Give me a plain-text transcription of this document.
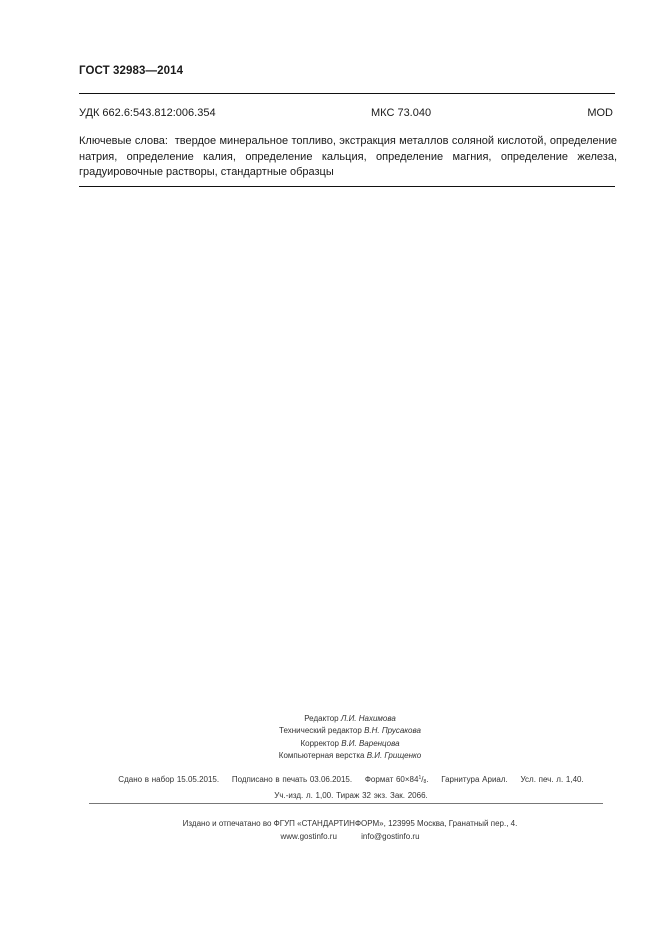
ГОСТ 32983—2014
УДК 662.6:543.812:006.354	МКС 73.040	MOD
Ключевые слова: твердое минеральное топливо, экстракция металлов соляной кислотой, определение натрия, определение калия, определение кальция, определение магния, определение железа, градуировочные растворы, стандартные образцы
Редактор Л.И. Нахимова
Технический редактор В.Н. Прусакова
Корректор В.И. Варенцова
Компьютерная верстка В.И. Грищенко
Сдано в набор 15.05.2015. Подписано в печать 03.06.2015. Формат $60\times 84^1/_8$. Гарнитура Ариал. Усл. печ. л. 1,40.
Уч.-изд. л. 1,00. Тираж 32 экз. Зак. 2066.
Издано и отпечатано во ФГУП «СТАНДАРТИНФОРМ», 123995 Москва, Гранатный пер., 4.
www.gostinfo.ru	info@gostinfo.ru
